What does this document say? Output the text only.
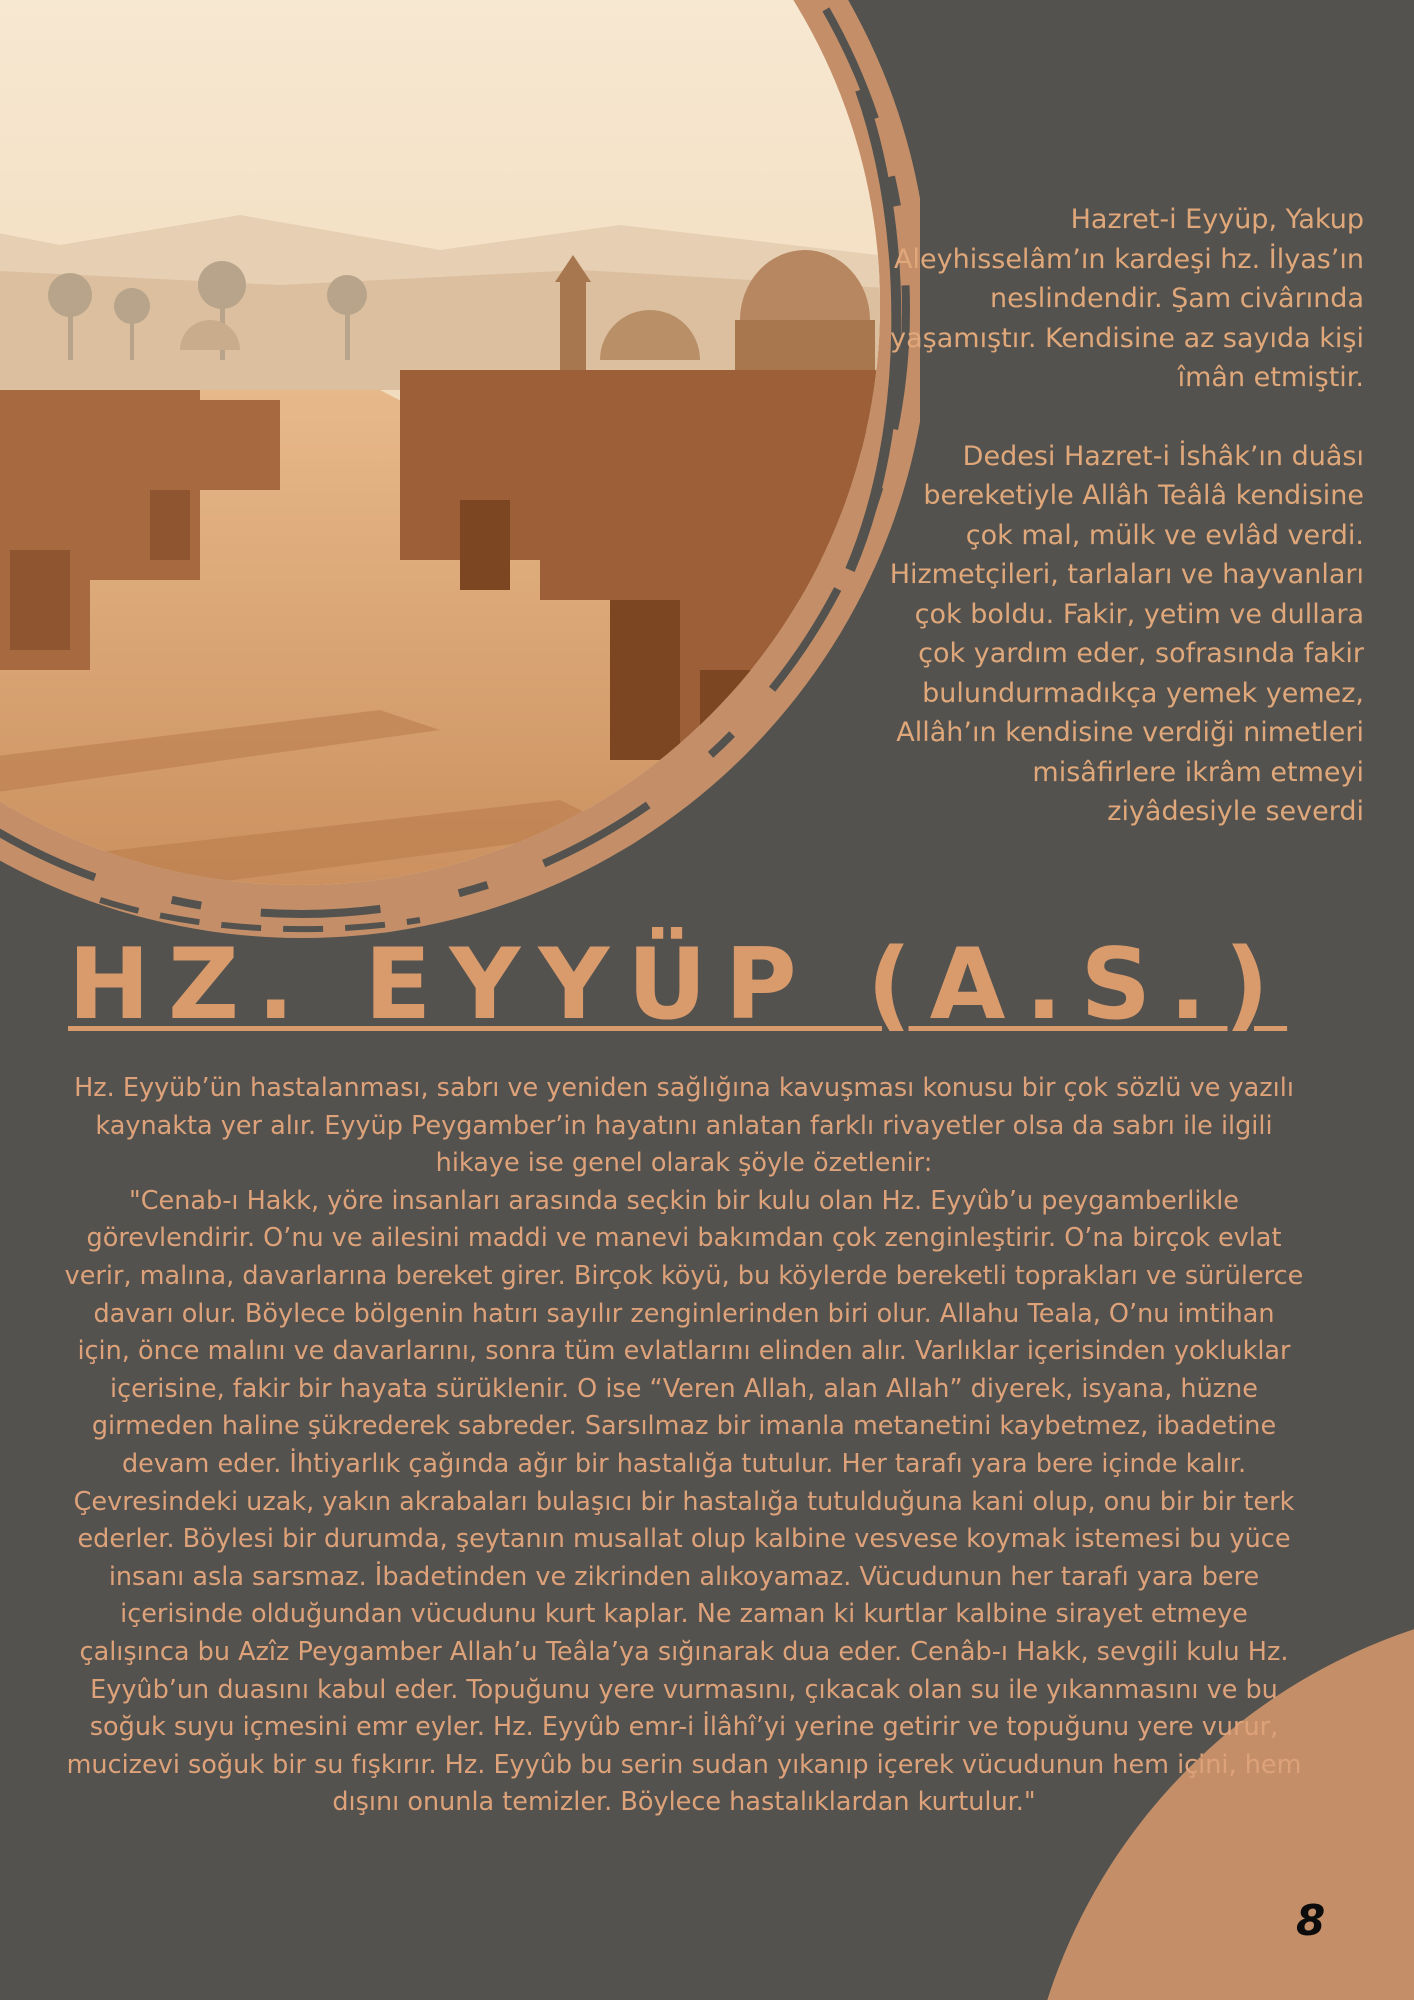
Hazret-i Eyyüp, Yakup Aleyhisselâm’ın kardeşi hz. İlyas’ın neslindendir. Şam civârında yaşamıştır. Kendisine az sayıda kişi îmân etmiştir.

Dedesi Hazret-i İshâk’ın duâsı bereketiyle Allâh Teâlâ kendisine çok mal, mülk ve evlâd verdi. Hizmetçileri, tarlaları ve hayvanları çok boldu. Fakir, yetim ve dullara çok yardım eder, sofrasında fakir bulundurmadıkça yemek yemez, Allâh’ın kendisine verdiği nimetleri misâfirlere ikrâm etmeyi ziyâdesiyle severdi

HZ. EYYÜP (A.S.)

Hz. Eyyüb’ün hastalanması, sabrı ve yeniden sağlığına kavuşması konusu bir çok sözlü ve yazılı kaynakta yer alır. Eyyüp Peygamber’in hayatını anlatan farklı rivayetler olsa da sabrı ile ilgili hikaye ise genel olarak şöyle özetlenir:

"Cenab-ı Hakk, yöre insanları arasında seçkin bir kulu olan Hz. Eyyûb’u peygamberlikle görevlendirir. O’nu ve ailesini maddi ve manevi bakımdan çok zenginleştirir. O’na birçok evlat verir, malına, davarlarına bereket girer. Birçok köyü, bu köylerde bereketli toprakları ve sürülerce davarı olur. Böylece bölgenin hatırı sayılır zenginlerinden biri olur. Allahu Teala, O’nu imtihan için, önce malını ve davarlarını, sonra tüm evlatlarını elinden alır. Varlıklar içerisinden yokluklar içerisine, fakir bir hayata sürüklenir. O ise “Veren Allah, alan Allah” diyerek, isyana, hüzne girmeden haline şükrederek sabreder. Sarsılmaz bir imanla metanetini kaybetmez, ibadetine devam eder. İhtiyarlık çağında ağır bir hastalığa tutulur. Her tarafı yara bere içinde kalır. Çevresindeki uzak, yakın akrabaları bulaşıcı bir hastalığa tutulduğuna kani olup, onu bir bir terk ederler. Böylesi bir durumda, şeytanın musallat olup kalbine vesvese koymak istemesi bu yüce insanı asla sarsmaz. İbadetinden ve zikrinden alıkoyamaz. Vücudunun her tarafı yara bere içerisinde olduğundan vücudunu kurt kaplar. Ne zaman ki kurtlar kalbine sirayet etmeye çalışınca bu Azîz Peygamber Allah’u Teâla’ya sığınarak dua eder. Cenâb-ı Hakk, sevgili kulu Hz. Eyyûb’un duasını kabul eder. Topuğunu yere vurmasını, çıkacak olan su ile yıkanmasını ve bu soğuk suyu içmesini emr eyler. Hz. Eyyûb emr-i İlâhî’yi yerine getirir ve topuğunu yere vurur, mucizevi soğuk bir su fışkırır. Hz. Eyyûb bu serin sudan yıkanıp içerek vücudunun hem içini, hem dışını onunla temizler. Böylece hastalıklardan kurtulur."

8
